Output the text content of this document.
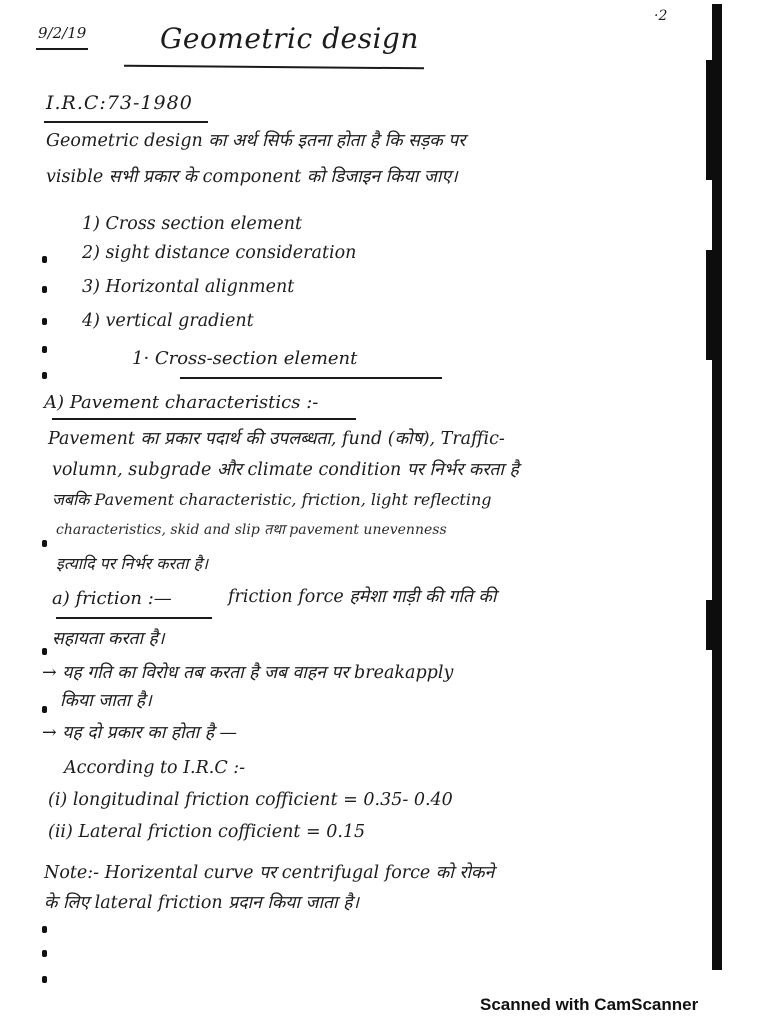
9/2/19	Geometric design
·2
I.R.C:73-1980
Geometric design का अर्थ सिर्फ इतना होता है कि सड़क पर
visible सभी प्रकार के component को डिजाइन किया जाए।
1) Cross section element
2) sight distance consideration
3) Horizontal alignment
4) vertical gradient
1· Cross-section element
A) Pavement characteristics :-
Pavement का प्रकार पदार्थ की उपलब्धता, fund (कोष), Traffic-
volumn, subgrade और climate condition पर निर्भर करता है
जबकि Pavement characteristic, friction, light reflecting
characteristics, skid and slip तथा pavement unevenness
इत्यादि पर निर्भर करता है।
a) friction :—	friction force हमेशा गाड़ी की गति की
सहायता करता है।
→ यह गति का विरोध तब करता है जब वाहन पर breakapply
किया जाता है।
→ यह दो प्रकार का होता है —
According to I.R.C :-
(i) longitudinal friction cofficient = 0.35- 0.40
(ii) Lateral friction cofficient = 0.15
Note:- Horizental curve पर centrifugal force को रोकने
के लिए lateral friction प्रदान किया जाता है।
Scanned with CamScanner
